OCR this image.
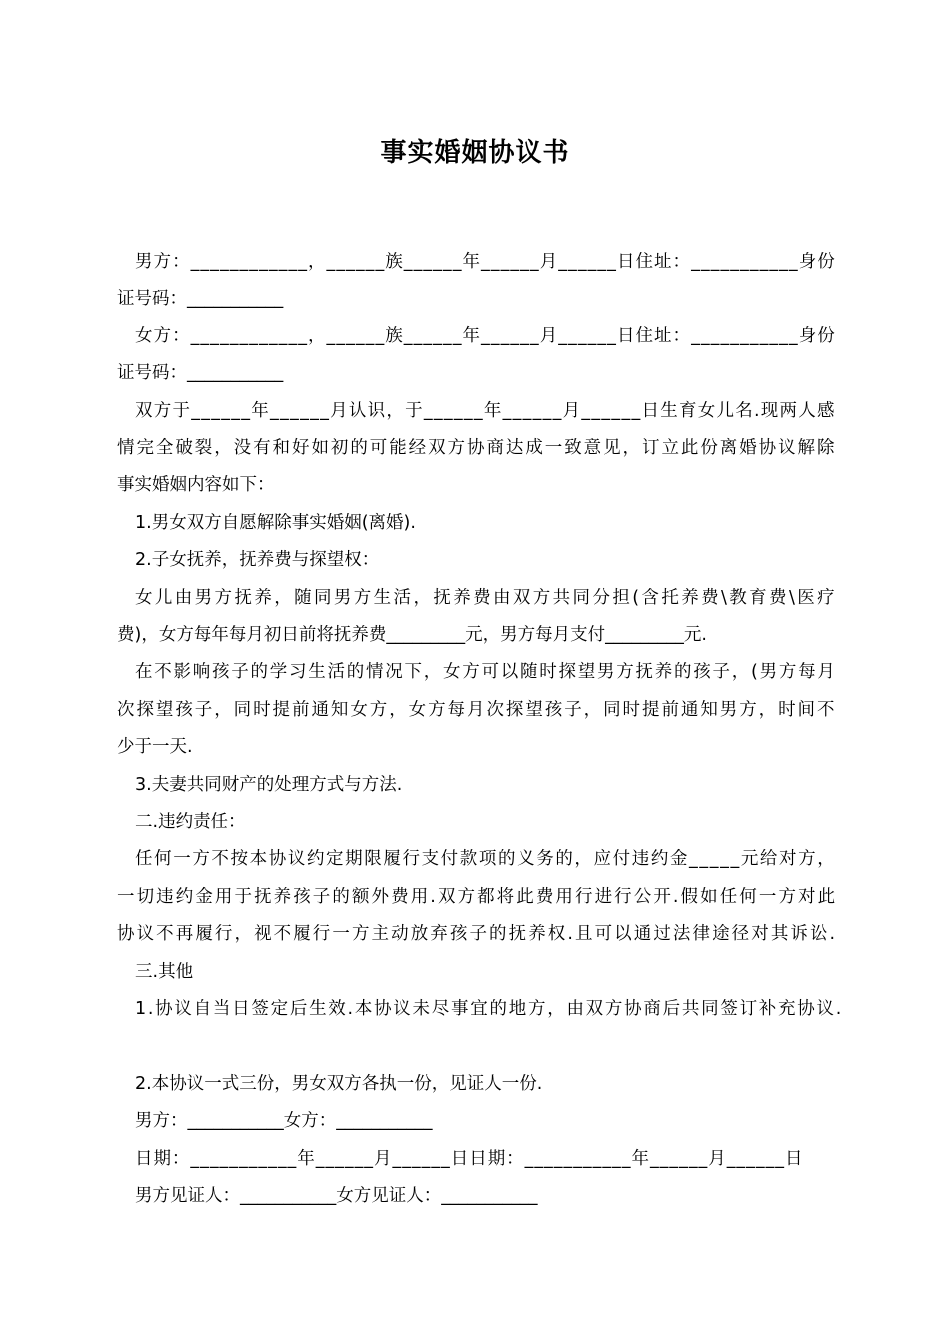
事实婚姻协议书
男方：____________，______族______年______月______日住址：___________身份
证号码：___________
女方：____________，______族______年______月______日住址：___________身份
证号码：___________
双方于______年______月认识，于______年______月______日生育女儿名.现两人感
情完全破裂，没有和好如初的可能经双方协商达成一致意见，订立此份离婚协议解除
事实婚姻内容如下：
1.男女双方自愿解除事实婚姻(离婚).
2.子女抚养，抚养费与探望权：
女儿由男方抚养，随同男方生活，抚养费由双方共同分担(含托养费\教育费\医疗
费)，女方每年每月初日前将抚养费_________元，男方每月支付_________元.
在不影响孩子的学习生活的情况下，女方可以随时探望男方抚养的孩子，(男方每月
次探望孩子，同时提前通知女方，女方每月次探望孩子，同时提前通知男方，时间不
少于一天.
3.夫妻共同财产的处理方式与方法.
二.违约责任：
任何一方不按本协议约定期限履行支付款项的义务的，应付违约金_____元给对方，
一切违约金用于抚养孩子的额外费用.双方都将此费用行进行公开.假如任何一方对此
协议不再履行，视不履行一方主动放弃孩子的抚养权.且可以通过法律途径对其诉讼.
三.其他
1.协议自当日签定后生效.本协议未尽事宜的地方，由双方协商后共同签订补充协议.
2.本协议一式三份，男女双方各执一份，见证人一份.
男方：___________女方：___________
日期：___________年______月______日日期：___________年______月______日
男方见证人：___________女方见证人：___________
